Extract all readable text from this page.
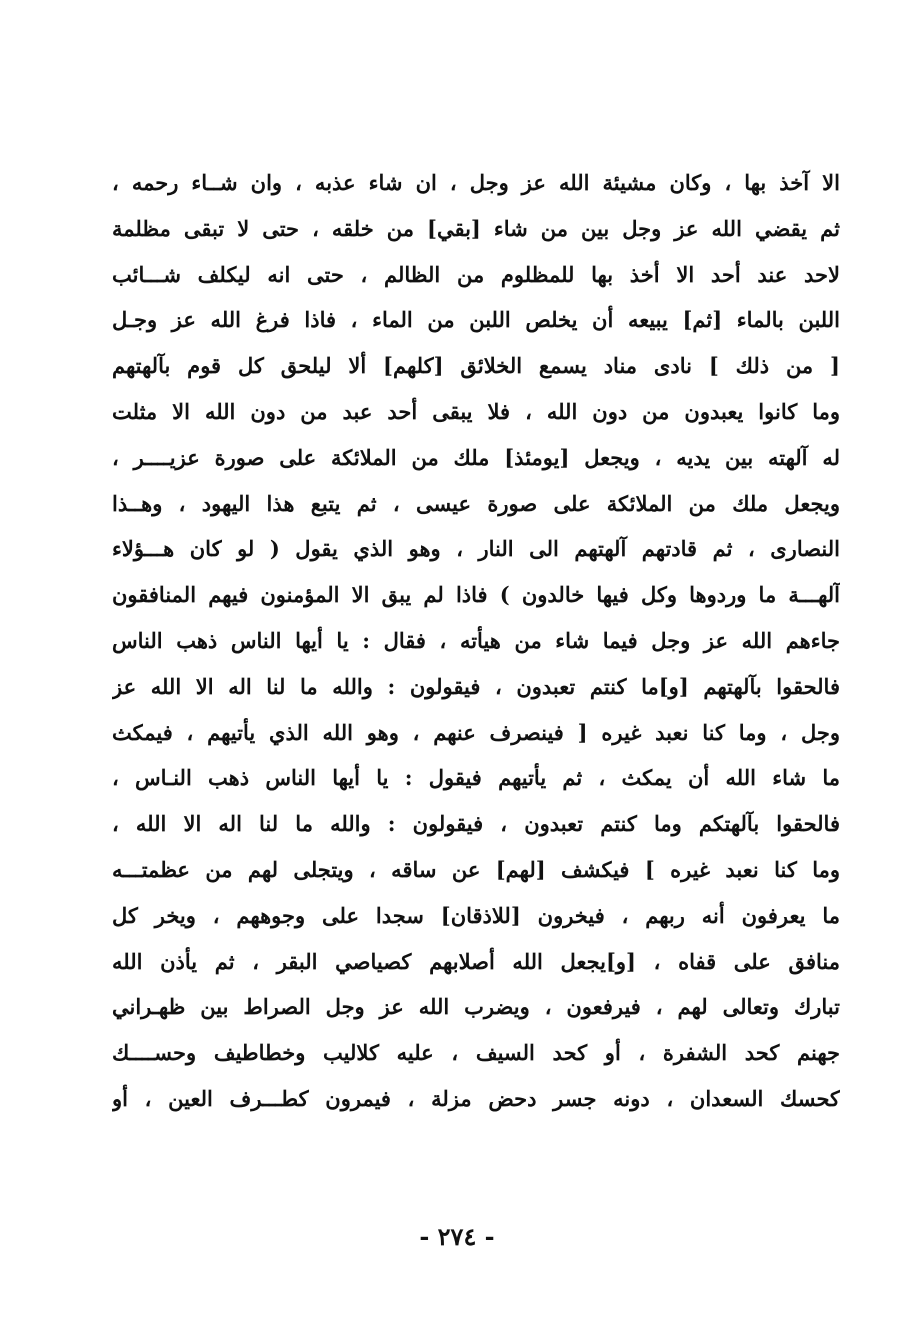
الا آخذ بها ، وكان مشيئة الله عز وجل ، ان شاء عذبه ، وان شــاء رحمه ،
ثم يقضي الله عز وجل بين من شاء [بقي] من خلقه ، حتى لا تبقى مظلمة
لاحد عند أحد الا أخذ بها للمظلوم من الظالم ، حتى انه ليكلف شـــائب
اللبن بالماء [ثم] يبيعه أن يخلص اللبن من الماء ، فاذا فرغ الله عز وجـل
[ من ذلك ] نادى مناد يسمع الخلائق [كلهم] ألا ليلحق كل قوم بآلهتهم
وما كانوا يعبدون من دون الله ، فلا يبقى أحد عبد من دون الله الا مثلت
له آلهته بين يديه ، ويجعل [يومئذ] ملك من الملائكة على صورة عزيــــر ،
ويجعل ملك من الملائكة على صورة عيسى ، ثم يتبع هذا اليهود ، وهــذا
النصارى ، ثم قادتهم آلهتهم الى النار ، وهو الذي يقول ( لو كان هـــؤلاء
آلهـــة ما وردوها وكل فيها خالدون ) فاذا لم يبق الا المؤمنون فيهم المنافقون
جاءهم الله عز وجل فيما شاء من هيأته ، فقال : يا أيها الناس ذهب الناس
فالحقوا بآلهتهم [و]ما كنتم تعبدون ، فيقولون : والله ما لنا اله الا الله عز
وجل ، وما كنا نعبد غيره [ فينصرف عنهم ، وهو الله الذي يأتيهم ، فيمكث
ما شاء الله أن يمكث ، ثم يأتيهم فيقول : يا أيها الناس ذهب النـاس ،
فالحقوا بآلهتكم وما كنتم تعبدون ، فيقولون : والله ما لنا اله الا الله ،
وما كنا نعبد غيره ] فيكشف [لهم] عن ساقه ، ويتجلى لهم من عظمتـــه
ما يعرفون أنه ربهم ، فيخرون [للاذقان] سجدا على وجوههم ، ويخر كل
منافق على قفاه ، [و]يجعل الله أصلابهم كصياصي البقر ، ثم يأذن الله
تبارك وتعالى لهم ، فيرفعون ، ويضرب الله عز وجل الصراط بين ظهـراني
جهنم كحد الشفرة ، أو كحد السيف ، عليه كلاليب وخطاطيف وحســــك
كحسك السعدان ، دونه جسر دحض مزلة ، فيمرون كطـــرف العين ، أو
- ٢٧٤ -
